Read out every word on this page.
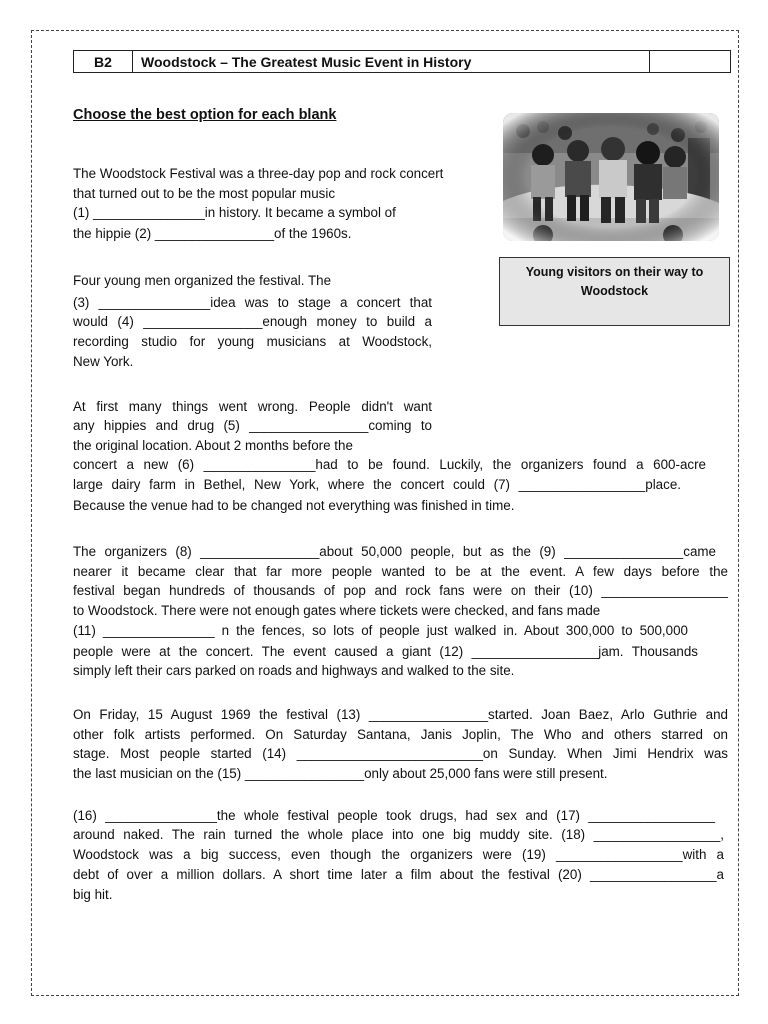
B2	Woodstock – The Greatest Music Event in History
Choose the best option for each blank
Young visitors on their way to
Woodstock
The Woodstock Festival was a three-day pop and rock concert
that turned out to be the most popular music
(1) _______________in history. It became a symbol of
the hippie (2) ________________of the 1960s.
Four young men organized the festival. The
(3) _______________idea was to stage a concert that
would (4) ________________enough money to build a
recording studio for young musicians at Woodstock,
New York.
At first many things went wrong. People didn't want
any hippies and drug (5) ________________coming to
the original location. About 2 months before the
concert a new (6) _______________had to be found. Luckily, the organizers found a 600-acre
large dairy farm in Bethel, New York, where the concert could (7) _________________place.
Because the venue had to be changed not everything was finished in time.
The organizers (8) ________________about 50,000 people, but as the (9) ________________came
nearer it became clear that far more people wanted to be at the event. A few days before the
festival began hundreds of thousands of pop and rock fans were on their (10) _________________
to Woodstock. There were not enough gates where tickets were checked, and fans made
(11) _______________ n the fences, so lots of people just walked in. About 300,000 to 500,000
people were at the concert. The event caused a giant (12) _________________jam. Thousands
simply left their cars parked on roads and highways and walked to the site.
On Friday, 15 August 1969 the festival (13) ________________started. Joan Baez, Arlo Guthrie and
other folk artists performed. On Saturday Santana, Janis Joplin, The Who and others starred on
stage. Most people started (14) _________________________on Sunday. When Jimi Hendrix was
the last musician on the (15) ________________only about 25,000 fans were still present.
(16) _______________the whole festival people took drugs, had sex and (17) _________________
around naked. The rain turned the whole place into one big muddy site. (18) _________________,
Woodstock was a big success, even though the organizers were (19) _________________with a
debt of over a million dollars. A short time later a film about the festival (20) _________________a
big hit.
